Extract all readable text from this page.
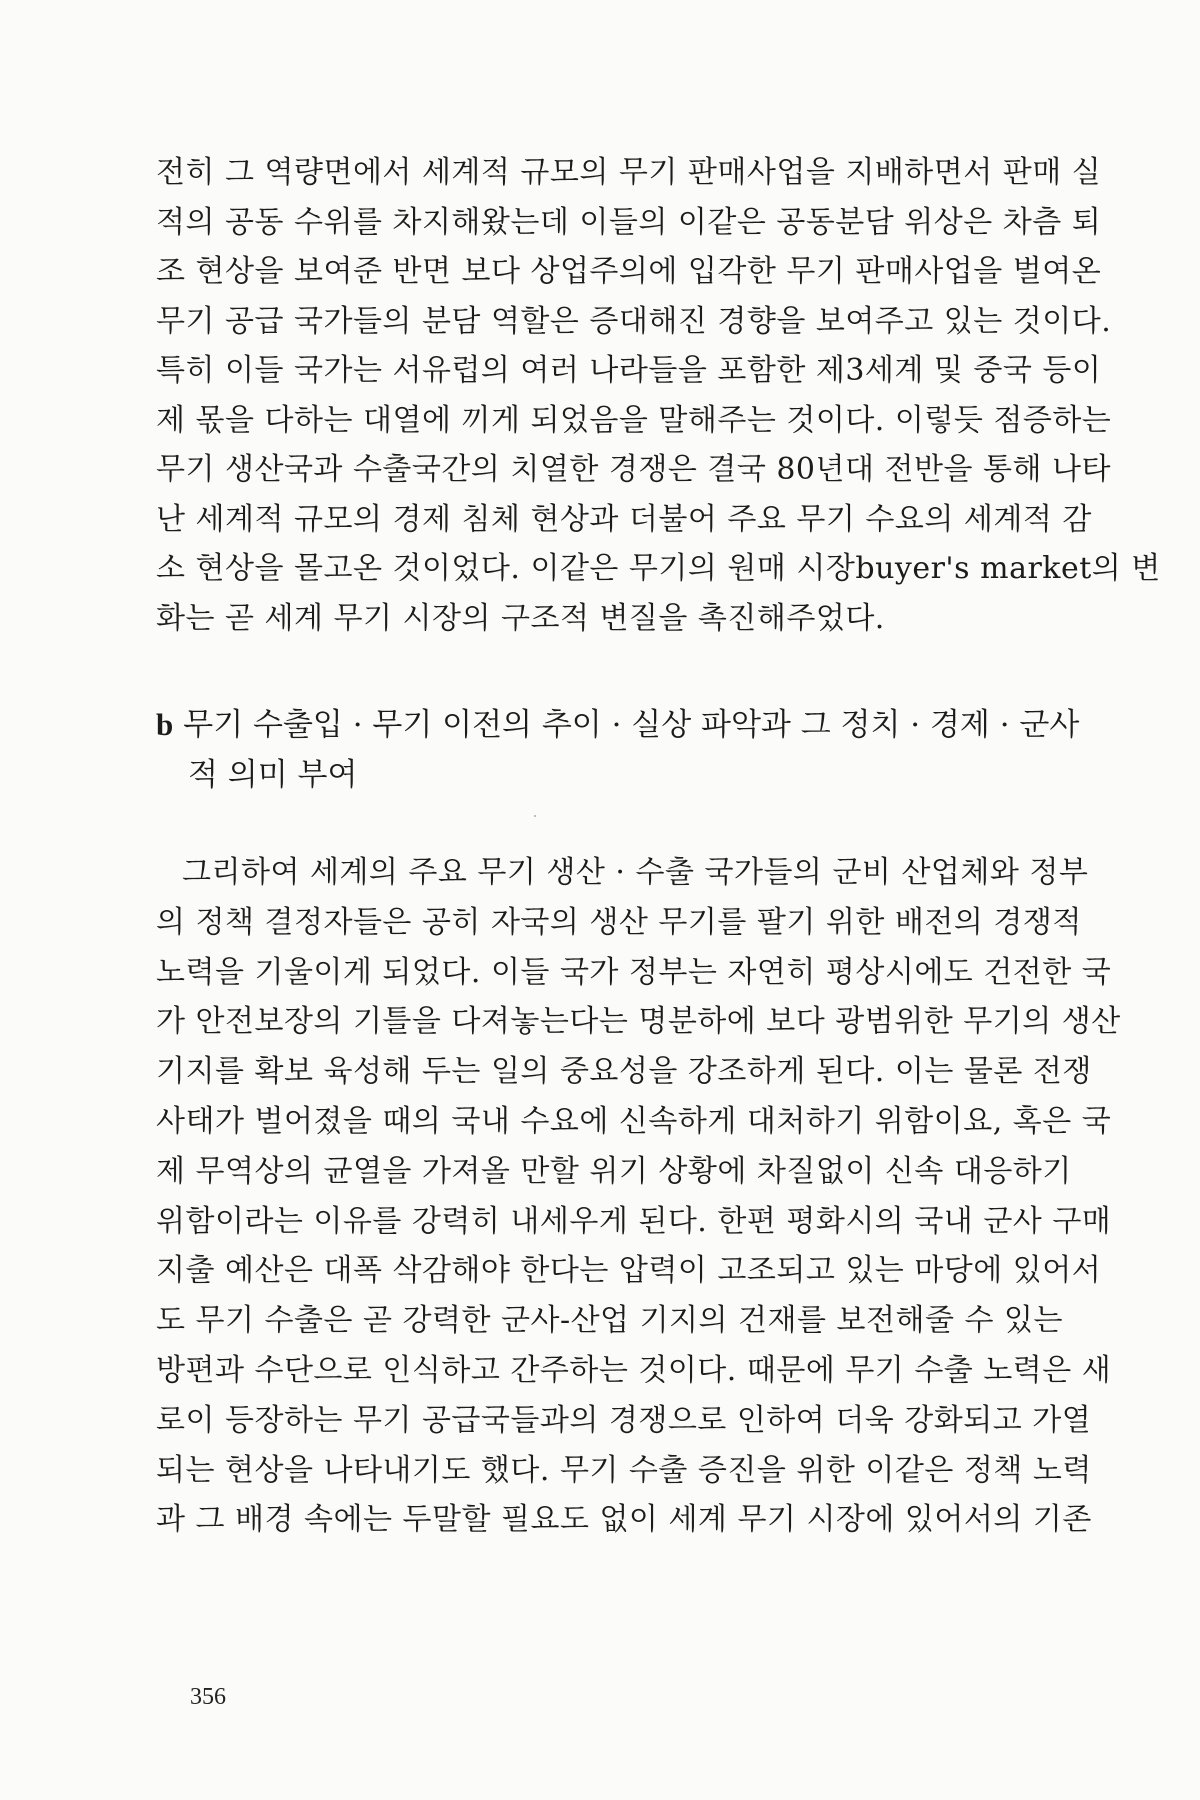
전히 그 역량면에서 세계적 규모의 무기 판매사업을 지배하면서 판매 실
적의 공동 수위를 차지해왔는데 이들의 이같은 공동분담 위상은 차츰 퇴
조 현상을 보여준 반면 보다 상업주의에 입각한 무기 판매사업을 벌여온
무기 공급 국가들의 분담 역할은 증대해진 경향을 보여주고 있는 것이다.
특히 이들 국가는 서유럽의 여러 나라들을 포함한 제3세계 및 중국 등이
제 몫을 다하는 대열에 끼게 되었음을 말해주는 것이다. 이렇듯 점증하는
무기 생산국과 수출국간의 치열한 경쟁은 결국 80년대 전반을 통해 나타
난 세계적 규모의 경제 침체 현상과 더불어 주요 무기 수요의 세계적 감
소 현상을 몰고온 것이었다. 이같은 무기의 원매 시장buyer's market의 변
화는 곧 세계 무기 시장의 구조적 변질을 촉진해주었다.
b 무기 수출입 · 무기 이전의 추이 · 실상 파악과 그 정치 · 경제 · 군사
적 의미 부여
그리하여 세계의 주요 무기 생산 · 수출 국가들의 군비 산업체와 정부
의 정책 결정자들은 공히 자국의 생산 무기를 팔기 위한 배전의 경쟁적
노력을 기울이게 되었다. 이들 국가 정부는 자연히 평상시에도 건전한 국
가 안전보장의 기틀을 다져놓는다는 명분하에 보다 광범위한 무기의 생산
기지를 확보 육성해 두는 일의 중요성을 강조하게 된다. 이는 물론 전쟁
사태가 벌어졌을 때의 국내 수요에 신속하게 대처하기 위함이요, 혹은 국
제 무역상의 균열을 가져올 만할 위기 상황에 차질없이 신속 대응하기
위함이라는 이유를 강력히 내세우게 된다. 한편 평화시의 국내 군사 구매
지출 예산은 대폭 삭감해야 한다는 압력이 고조되고 있는 마당에 있어서
도 무기 수출은 곧 강력한 군사-산업 기지의 건재를 보전해줄 수 있는
방편과 수단으로 인식하고 간주하는 것이다. 때문에 무기 수출 노력은 새
로이 등장하는 무기 공급국들과의 경쟁으로 인하여 더욱 강화되고 가열
되는 현상을 나타내기도 했다. 무기 수출 증진을 위한 이같은 정책 노력
과 그 배경 속에는 두말할 필요도 없이 세계 무기 시장에 있어서의 기존
356
